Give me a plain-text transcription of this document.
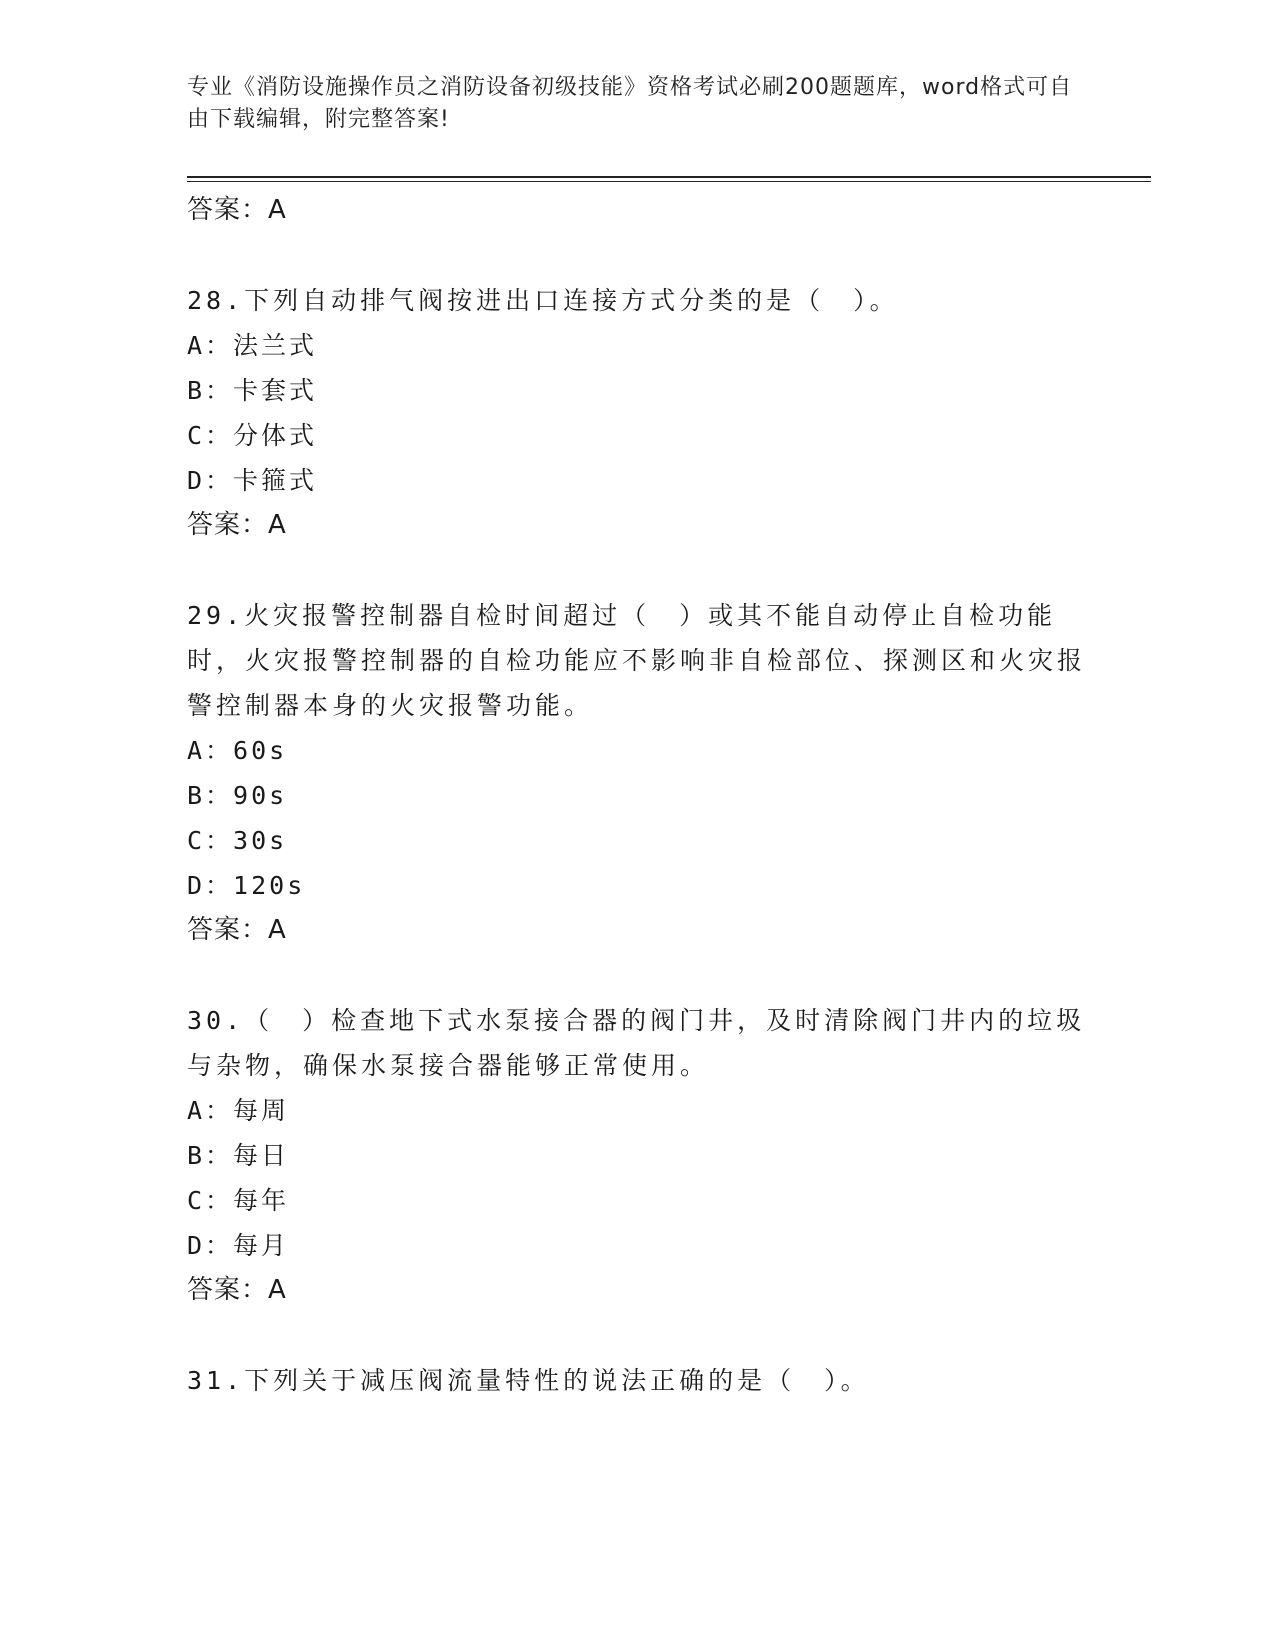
专业《消防设施操作员之消防设备初级技能》资格考试必刷200题题库，word格式可自由下载编辑，附完整答案!
答案：A
28.下列自动排气阀按进出口连接方式分类的是（　）。
A：法兰式
B：卡套式
C：分体式
D：卡箍式
答案：A
29.火灾报警控制器自检时间超过（　）或其不能自动停止自检功能时，火灾报警控制器的自检功能应不影响非自检部位、探测区和火灾报警控制器本身的火灾报警功能。
A：60s
B：90s
C：30s
D：120s
答案：A
30.（　）检查地下式水泵接合器的阀门井，及时清除阀门井内的垃圾与杂物，确保水泵接合器能够正常使用。
A：每周
B：每日
C：每年
D：每月
答案：A
31.下列关于减压阀流量特性的说法正确的是（　）。
